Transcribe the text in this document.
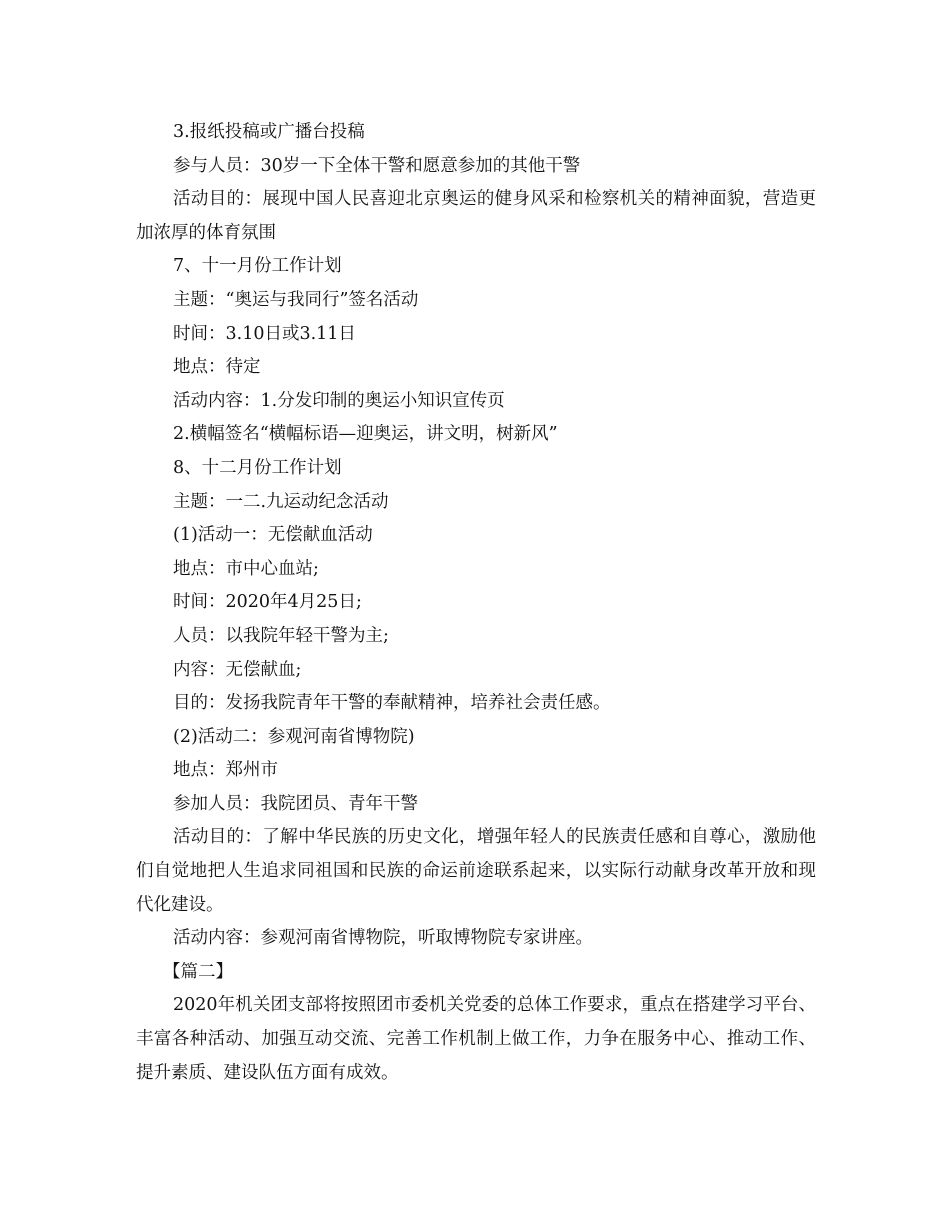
3.报纸投稿或广播台投稿

参与人员：30岁一下全体干警和愿意参加的其他干警

活动目的：展现中国人民喜迎北京奥运的健身风采和检察机关的精神面貌，营造更加浓厚的体育氛围

7、十一月份工作计划

主题：“奥运与我同行”签名活动

时间：3.10日或3.11日

地点：待定

活动内容：1.分发印制的奥运小知识宣传页

2.横幅签名“横幅标语—迎奥运，讲文明，树新风”

8、十二月份工作计划

主题：一二.九运动纪念活动

(1)活动一：无偿献血活动

地点：市中心血站;

时间：2020年4月25日;

人员：以我院年轻干警为主;

内容：无偿献血;

目的：发扬我院青年干警的奉献精神，培养社会责任感。

(2)活动二：参观河南省博物院)

地点：郑州市

参加人员：我院团员、青年干警

活动目的：了解中华民族的历史文化，增强年轻人的民族责任感和自尊心，激励他们自觉地把人生追求同祖国和民族的命运前途联系起来，以实际行动献身改革开放和现代化建设。

活动内容：参观河南省博物院，听取博物院专家讲座。

【篇二】

2020年机关团支部将按照团市委机关党委的总体工作要求，重点在搭建学习平台、丰富各种活动、加强互动交流、完善工作机制上做工作，力争在服务中心、推动工作、提升素质、建设队伍方面有成效。
